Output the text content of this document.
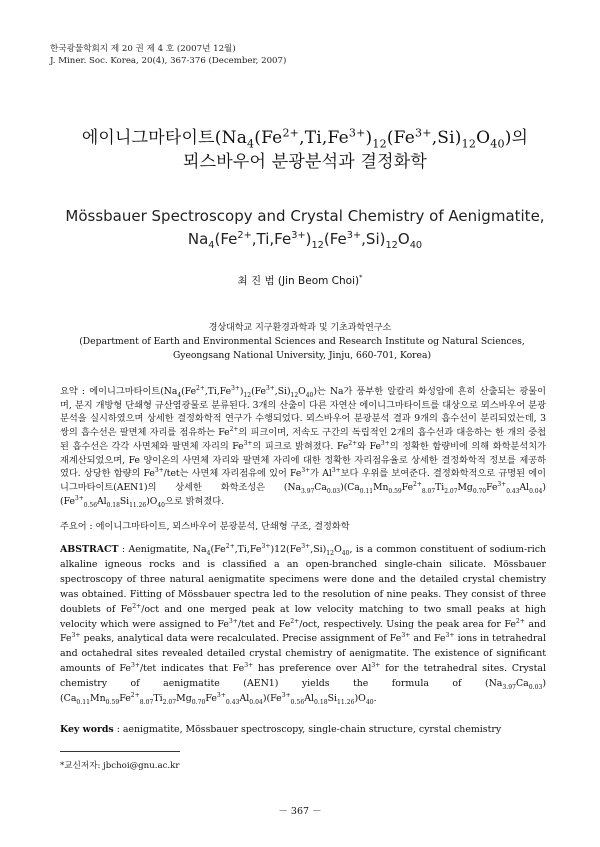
한국광물학회지 제 20 권 제 4 호 (2007년 12월)
J. Miner. Soc. Korea, 20(4), 367-376 (December, 2007)
에이니그마타이트$(Na_4(Fe^{2+},Ti,Fe^{3+})_{12}(Fe^{3+},Si)_{12}O_{40})$의
뫼스바우어 분광분석과 결정화학
Mössbauer Spectroscopy and Crystal Chemistry of Aenigmatite,
$Na_4(Fe^{2+},Ti,Fe^{3+})_{12}(Fe^{3+},Si)_{12}O_{40}$
최 진 범 (Jin Beom Choi)*
경상대학교 지구환경과학과 및 기초과학연구소
(Department of Earth and Environmental Sciences and Research Institute og Natural Sciences, Gyeongsang National University, Jinju, 660-701, Korea)
요약 : 에이니그마타이트$(Na_4(Fe^{2+},Ti,Fe^{3+})_{12}(Fe^{3+},Si)_{12}O_{40})$는 Na가 풍부한 알칼리 화성암에 흔히 산출되는 광물이며, 분지 개방형 단쇄형 규산염광물로 분류된다. 3개의 산출이 다른 자연산 에이니그마타이트를 대상으로 뫼스바우어 분광분석을 실시하였으며 상세한 결정화학적 연구가 수행되었다. 뫼스바우어 분광분석 결과 9개의 흡수선이 분리되었는데, 3쌍의 흡수선은 팔면체 자리를 점유하는 $Fe^{2+}$의 피크이며, 저속도 구간의 독립적인 2개의 흡수선과 대응하는 한 개의 중첩된 흡수선은 각각 사면체와 팔면체 자리의 $Fe^{3+}$의 피크로 밝혀졌다. $Fe^{2+}$와 $Fe^{3+}$의 정확한 함량비에 의해 화학분석치가 재계산되었으며, Fe 양이온의 사면체 자리와 팔면체 자리에 대한 정확한 자리점유율로 상세한 결정화학적 정보를 제공하였다. 상당한 함량의 $Fe^{3+}$/tet는 사면체 자리점유에 있어 $Fe^{3+}$가 $Al^{3+}$보다 우위를 보여준다. 결정화학적으로 규명된 에이니그마타이트(AEN1)의 상세한 화학조성은 $(Na_{3.97}Ca_{0.03})(Ca_{0.11}Mn_{0.59}Fe^{2+}_{8.07}Ti_{2.07}Mg_{0.70}Fe^{3+}_{0.43}Al_{0.04})(Fe^{3+}_{0.56}Al_{0.18}Si_{11.26})O_{40}$으로 밝혀졌다.
주요어 : 에이니그마타이트, 뫼스바우어 분광분석, 단쇄형 구조, 결정화학
ABSTRACT : Aenigmatite, $Na_4(Fe^{2+},Ti,Fe^{3+})12(Fe^{3+},Si)_{12}O_{40}$, is a common constituent of sodium-rich alkaline igneous rocks and is classified a an open-branched single-chain silicate. Mössbauer spectroscopy of three natural aenigmatite specimens were done and the detailed crystal chemistry was obtained. Fitting of Mössbauer spectra led to the resolution of nine peaks. They consist of three doublets of $Fe^{2+}$/oct and one merged peak at low velocity matching to two small peaks at high velocity which were assigned to $Fe^{3+}$/tet and $Fe^{2+}$/oct, respectively. Using the peak area for $Fe^{2+}$ and $Fe^{3+}$ peaks, analytical data were recalculated. Precise assignment of $Fe^{3+}$ and $Fe^{3+}$ ions in tetrahedral and octahedral sites revealed detailed crystal chemistry of aenigmatite. The existence of significant amounts of $Fe^{3+}$/tet indicates that $Fe^{3+}$ has preference over $Al^{3+}$ for the tetrahedral sites. Crystal chemistry of aenigmatite (AEN1) yields the formula of $(Na_{3.97}Ca_{0.03})(Ca_{0.11}Mn_{0.59}Fe^{2+}_{8.07}Ti_{2.07}Mg_{0.70}Fe^{3+}_{0.43}Al_{0.04})(Fe^{3+}_{0.56}Al_{0.18}Si_{11.26})O_{40}$.
Key words : aenigmatite, Mössbauer spectroscopy, single-chain structure, cyrstal chemistry
*교신저자: jbchoi@gnu.ac.kr
－ 367 －
